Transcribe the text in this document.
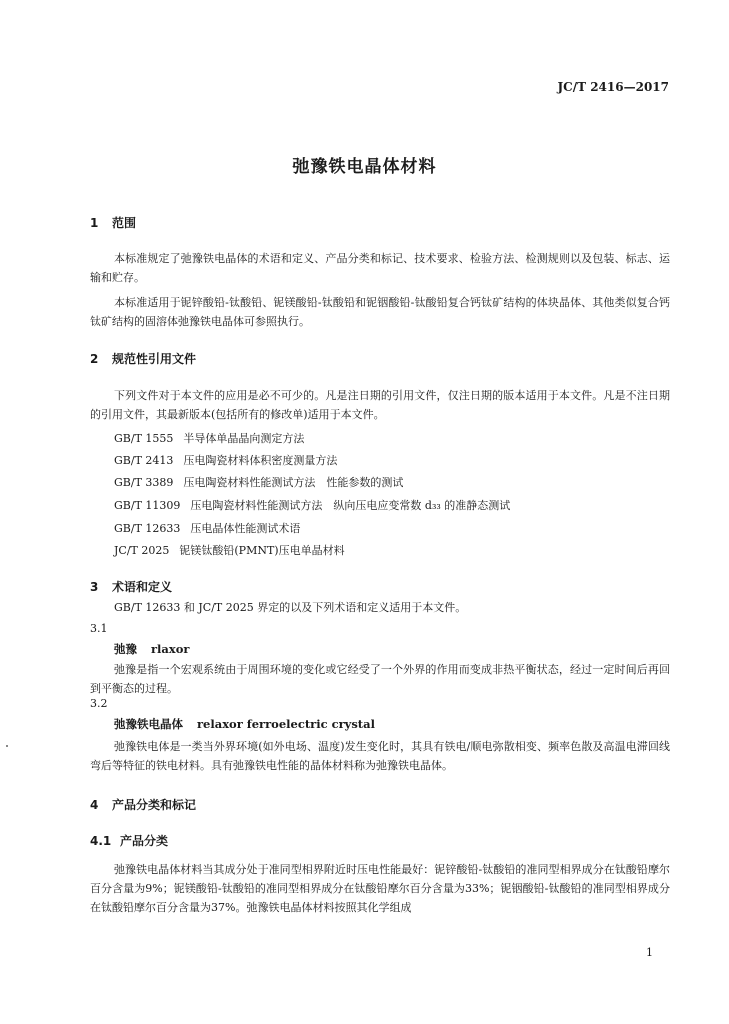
JC/T 2416—2017
弛豫铁电晶体材料
1 范围

本标准规定了弛豫铁电晶体的术语和定义、产品分类和标记、技术要求、检验方法、检测规则以及包装、标志、运输和贮存。

本标准适用于铌锌酸铅-钛酸铅、铌镁酸铅-钛酸铅和铌铟酸铅-钛酸铅复合钙钛矿结构的体块晶体、其他类似复合钙钛矿结构的固溶体弛豫铁电晶体可参照执行。

2 规范性引用文件

下列文件对于本文件的应用是必不可少的。凡是注日期的引用文件，仅注日期的版本适用于本文件。凡是不注日期的引用文件，其最新版本(包括所有的修改单)适用于本文件。

GB/T 1555 半导体单晶晶向测定方法
GB/T 2413 压电陶瓷材料体积密度测量方法
GB/T 3389 压电陶瓷材料性能测试方法　性能参数的测试
GB/T 11309 压电陶瓷材料性能测试方法　纵向压电应变常数 d₃₃ 的准静态测试
GB/T 12633 压电晶体性能测试术语
JC/T 2025 铌镁钛酸铅(PMNT)压电单晶材料
3 术语和定义

GB/T 12633 和 JC/T 2025 界定的以及下列术语和定义适用于本文件。

3.1
弛豫 rlaxor

弛豫是指一个宏观系统由于周围环境的变化或它经受了一个外界的作用而变成非热平衡状态，经过一定时间后再回到平衡态的过程。

3.2
弛豫铁电晶体 relaxor ferroelectric crystal

弛豫铁电体是一类当外界环境(如外电场、温度)发生变化时，其具有铁电/顺电弥散相变、频率色散及高温电滞回线弯后等特征的铁电材料。具有弛豫铁电性能的晶体材料称为弛豫铁电晶体。

4 产品分类和标记
4.1 产品分类

弛豫铁电晶体材料当其成分处于准同型相界附近时压电性能最好：铌锌酸铅-钛酸铅的准同型相界成分在钛酸铅摩尔百分含量为9%；铌镁酸铅-钛酸铅的准同型相界成分在钛酸铅摩尔百分含量为33%；铌铟酸铅-钛酸铅的准同型相界成分在钛酸铅摩尔百分含量为37%。弛豫铁电晶体材料按照其化学组成

1
